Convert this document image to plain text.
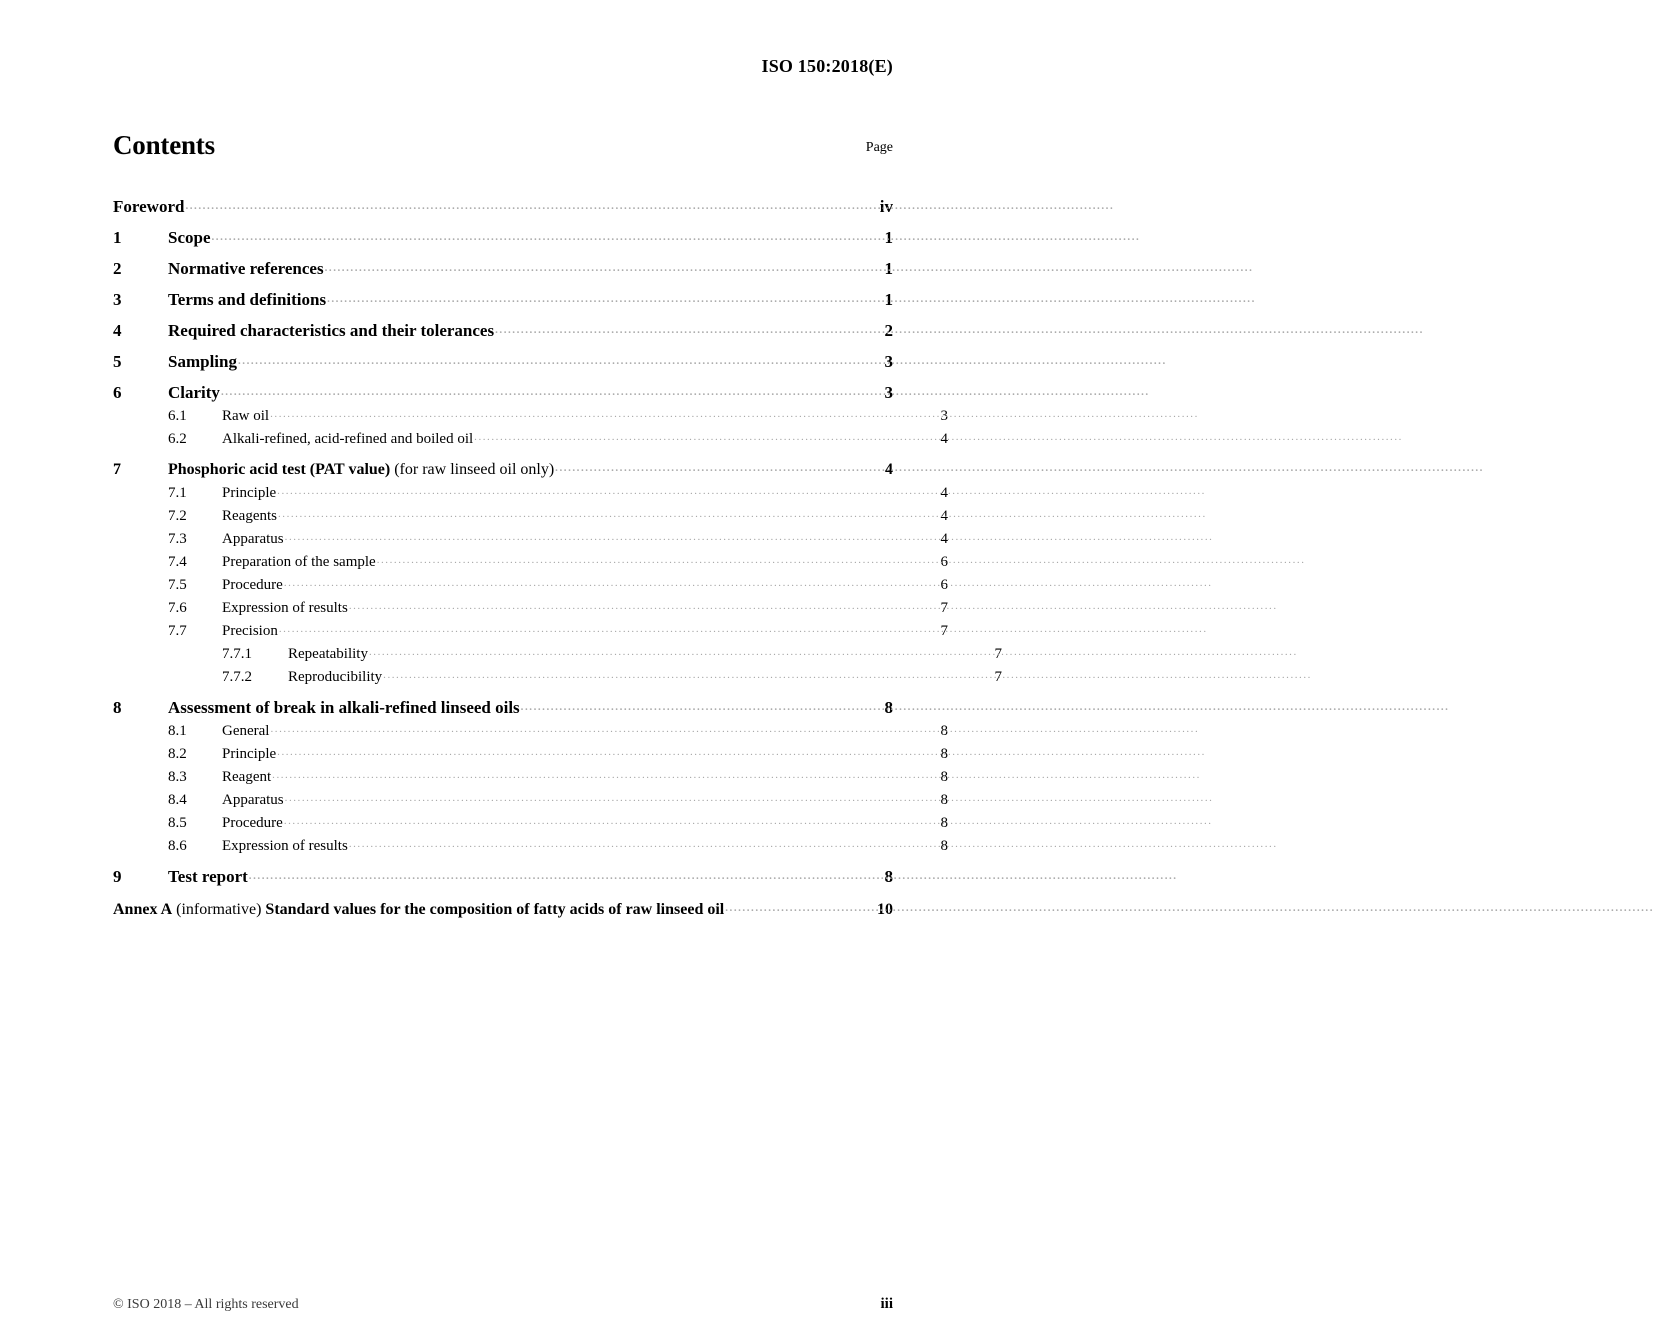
ISO 150:2018(E)
Contents	Page
Foreword .....	iv
1	Scope .....	1
2	Normative references .....	1
3	Terms and definitions .....	1
4	Required characteristics and their tolerances .....	2
5	Sampling .....	3
6	Clarity .....	3
6.1	Raw oil .....	3
6.2	Alkali-refined, acid-refined and boiled oil .....	4
7	Phosphoric acid test (PAT value) (for raw linseed oil only) .....	4
7.1	Principle .....	4
7.2	Reagents .....	4
7.3	Apparatus .....	4
7.4	Preparation of the sample .....	6
7.5	Procedure .....	6
7.6	Expression of results .....	7
7.7	Precision .....	7
7.7.1	Repeatability .....	7
7.7.2	Reproducibility .....	7
8	Assessment of break in alkali-refined linseed oils .....	8
8.1	General .....	8
8.2	Principle .....	8
8.3	Reagent .....	8
8.4	Apparatus .....	8
8.5	Procedure .....	8
8.6	Expression of results .....	8
9	Test report .....	8
Annex A (informative) Standard values for the composition of fatty acids of raw linseed oil .....	10
© ISO 2018 – All rights reserved	iii
